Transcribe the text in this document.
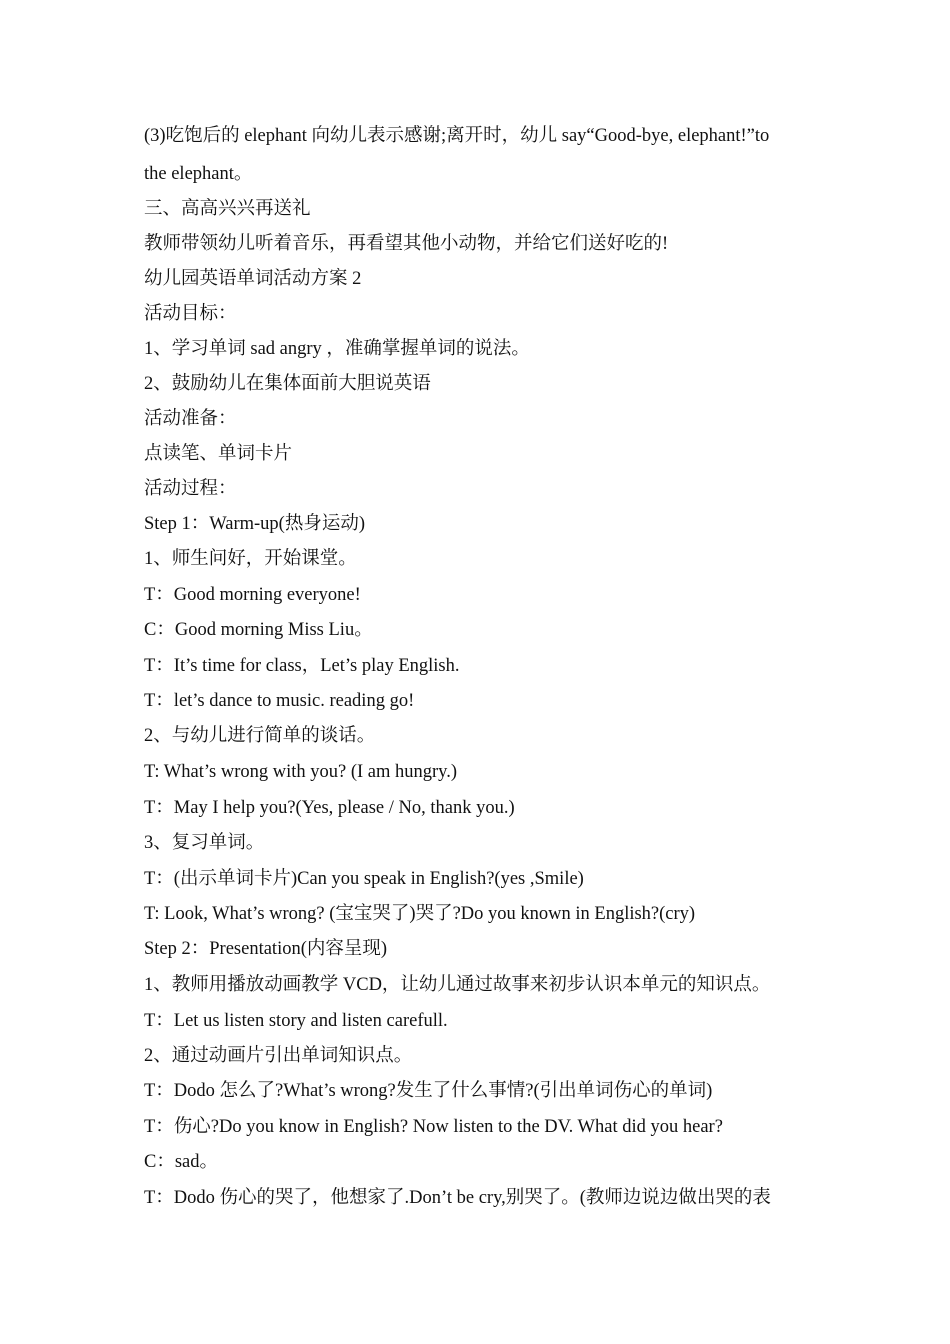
(3)吃饱后的 elephant 向幼儿表示感谢;离开时，幼儿 say“Good-bye, elephant!”to
the elephant。
三、高高兴兴再送礼
教师带领幼儿听着音乐，再看望其他小动物，并给它们送好吃的!
幼儿园英语单词活动方案 2
活动目标：
1、学习单词 sad angry ，准确掌握单词的说法。
2、鼓励幼儿在集体面前大胆说英语
活动准备：
点读笔、单词卡片
活动过程：
Step 1：Warm-up(热身运动)
1、师生问好，开始课堂。
T：Good morning everyone!
C：Good morning Miss Liu。
T：It’s time for class，Let’s play English.
T：let’s dance to music. reading go!
2、与幼儿进行简单的谈话。
T: What’s wrong with you? (I am hungry.)
T：May I help you?(Yes, please / No, thank you.)
3、复习单词。
T：(出示单词卡片)Can you speak in English?(yes ,Smile)
T: Look, What’s wrong? (宝宝哭了)哭了?Do you known in English?(cry)
Step 2：Presentation(内容呈现)
1、教师用播放动画教学 VCD，让幼儿通过故事来初步认识本单元的知识点。
T：Let us listen story and listen carefull.
2、通过动画片引出单词知识点。
T：Dodo 怎么了?What’s wrong?发生了什么事情?(引出单词伤心的单词)
T：伤心?Do you know in English? Now listen to the DV. What did you hear?
C：sad。
T：Dodo 伤心的哭了，他想家了.Don’t be cry,别哭了。(教师边说边做出哭的表
